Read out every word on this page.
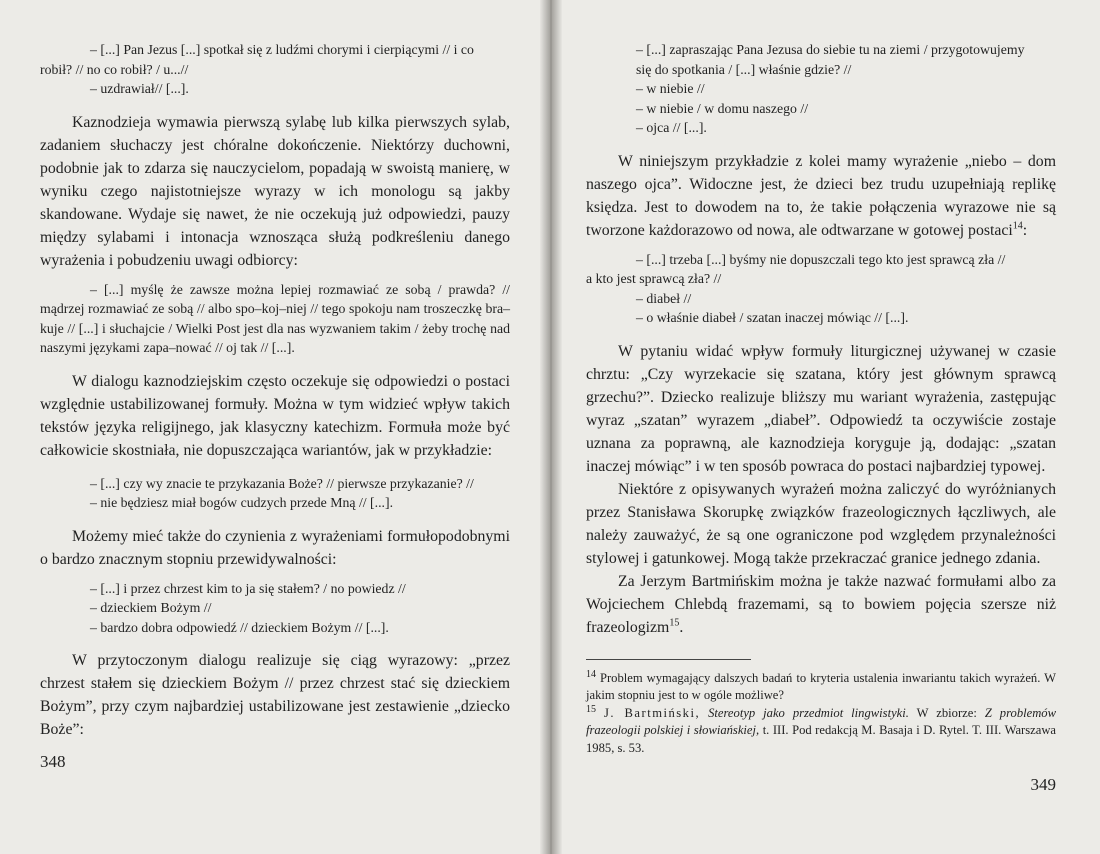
– [...] Pan Jezus [...] spotkał się z ludźmi chorymi i cierpiącymi // i co
robił? // no co robił? / u...//
– uzdrawiał// [...].

Kaznodzieja wymawia pierwszą sylabę lub kilka pierwszych sylab, zadaniem słuchaczy jest chóralne dokończenie. Niektórzy duchowni, podobnie jak to zdarza się nauczycielom, popadają w swoistą manierę, w wyniku czego najistotniejsze wyrazy w ich monologu są jakby skandowane. Wydaje się nawet, że nie oczekują już odpowiedzi, pauzy między sylabami i intonacja wznosząca służą podkreśleniu danego wyrażenia i pobudzeniu uwagi odbiorcy:

– [...] myślę że zawsze można lepiej rozmawiać ze sobą / prawda? // mądrzej rozmawiać ze sobą // albo spo–koj–niej // tego spokoju nam troszeczkę bra–kuje // [...] i słuchajcie / Wielki Post jest dla nas wyzwaniem takim / żeby trochę nad naszymi językami zapa–nować // oj tak // [...].

W dialogu kaznodziejskim często oczekuje się odpowiedzi o postaci względnie ustabilizowanej formuły. Można w tym widzieć wpływ takich tekstów języka religijnego, jak klasyczny katechizm. Formuła może być całkowicie skostniała, nie dopuszczająca wariantów, jak w przykładzie:

– [...] czy wy znacie te przykazania Boże? // pierwsze przykazanie? //
– nie będziesz miał bogów cudzych przede Mną // [...].

Możemy mieć także do czynienia z wyrażeniami formułopodobnymi o bardzo znacznym stopniu przewidywalności:

– [...] i przez chrzest kim to ja się stałem? / no powiedz //
– dzieckiem Bożym //
– bardzo dobra odpowiedź // dzieckiem Bożym // [...].

W przytoczonym dialogu realizuje się ciąg wyrazowy: „przez chrzest stałem się dzieckiem Bożym // przez chrzest stać się dzieckiem Bożym”, przy czym najbardziej ustabilizowane jest zestawienie „dziecko Boże”:

348
– [...] zapraszając Pana Jezusa do siebie tu na ziemi / przygotowujemy
się do spotkania / [...] właśnie gdzie? //
– w niebie //
– w niebie / w domu naszego //
– ojca // [...].

W niniejszym przykładzie z kolei mamy wyrażenie „niebo – dom naszego ojca”. Widoczne jest, że dzieci bez trudu uzupełniają replikę księdza. Jest to dowodem na to, że takie połączenia wyrazowe nie są tworzone każdorazowo od nowa, ale odtwarzane w gotowej postaci$^{14}$:

– [...] trzeba [...] byśmy nie dopuszczali tego kto jest sprawcą zła //
a kto jest sprawcą zła? //
– diabeł //
– o właśnie diabeł / szatan inaczej mówiąc // [...].

W pytaniu widać wpływ formuły liturgicznej używanej w czasie chrztu: „Czy wyrzekacie się szatana, który jest głównym sprawcą grzechu?”. Dziecko realizuje bliższy mu wariant wyrażenia, zastępując wyraz „szatan” wyrazem „diabeł”. Odpowiedź ta oczywiście zostaje uznana za poprawną, ale kaznodzieja koryguje ją, dodając: „szatan inaczej mówiąc” i w ten sposób powraca do postaci najbardziej typowej.

Niektóre z opisywanych wyrażeń można zaliczyć do wyróżnianych przez Stanisława Skorupkę związków frazeologicznych łączliwych, ale należy zauważyć, że są one ograniczone pod względem przynależności stylowej i gatunkowej. Mogą także przekraczać granice jednego zdania.

Za Jerzym Bartmińskim można je także nazwać formułami albo za Wojciechem Chlebdą frazemami, są to bowiem pojęcia szersze niż frazeologizm$^{15}$.

$^{14}$ Problem wymagający dalszych badań to kryteria ustalenia inwariantu takich wyrażeń. W jakim stopniu jest to w ogóle możliwe?

$^{15}$ J. Bartmiński, Stereotyp jako przedmiot lingwistyki. W zbiorze: Z problemów frazeologii polskiej i słowiańskiej, t. III. Pod redakcją M. Basaja i D. Rytel. T. III. Warszawa 1985, s. 53.

349
